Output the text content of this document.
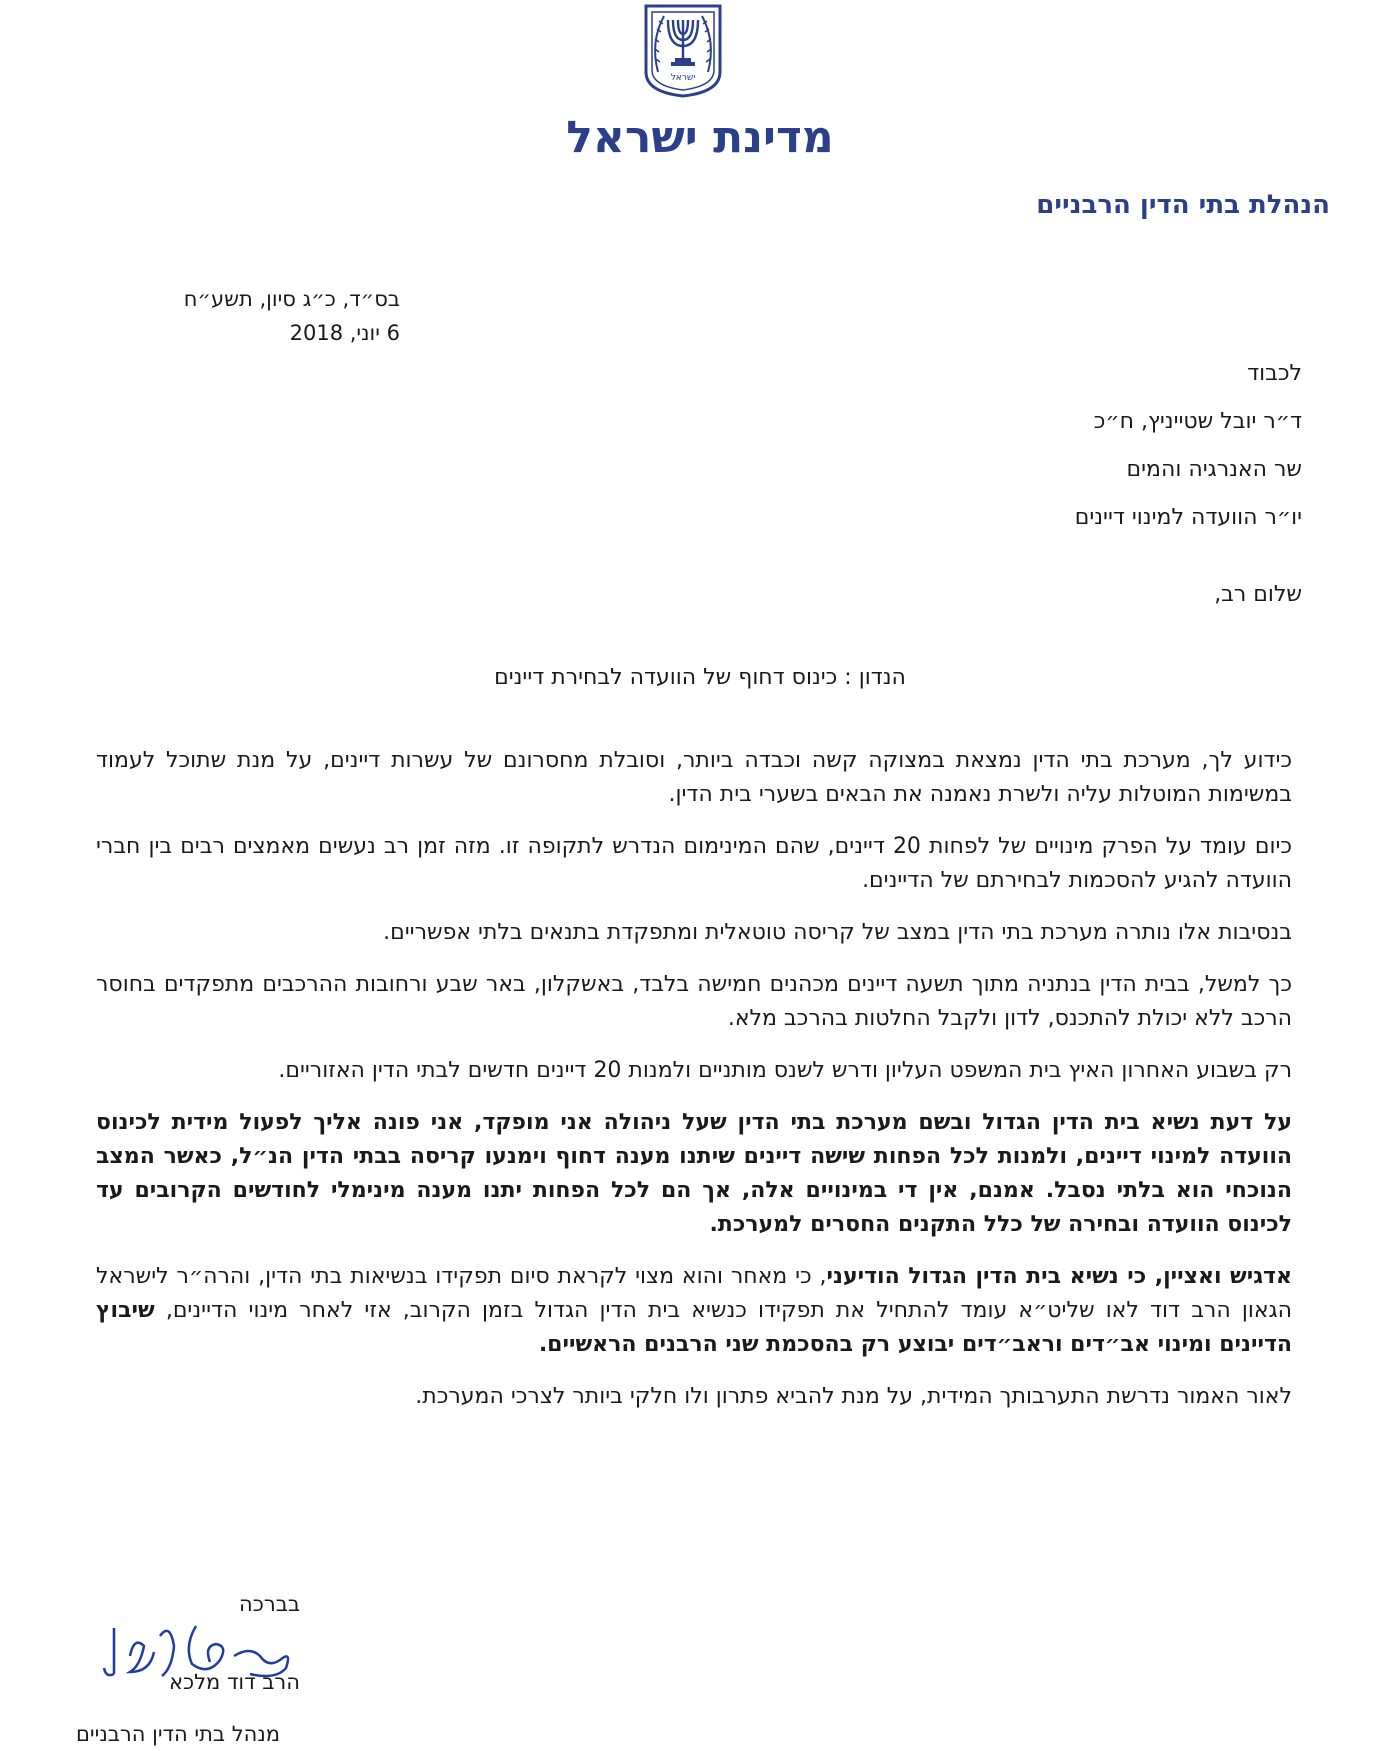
ישראל
מדינת ישראל
הנהלת בתי הדין הרבניים
בס״ד, כ״ג סיון, תשע״ח
6 יוני, 2018
לכבוד
ד״ר יובל שטייניץ, ח״כ
שר האנרגיה והמים
יו״ר הוועדה למינוי דיינים
שלום רב,
הנדון : כינוס דחוף של הוועדה לבחירת דיינים

כידוע לך, מערכת בתי הדין נמצאת במצוקה קשה וכבדה ביותר, וסובלת מחסרונם של עשרות דיינים, על מנת שתוכל לעמוד במשימות המוטלות עליה ולשרת נאמנה את הבאים בשערי בית הדין.

כיום עומד על הפרק מינויים של לפחות 20 דיינים, שהם המינימום הנדרש לתקופה זו. מזה זמן רב נעשים מאמצים רבים בין חברי הוועדה להגיע להסכמות לבחירתם של הדיינים.

בנסיבות אלו נותרה מערכת בתי הדין במצב של קריסה טוטאלית ומתפקדת בתנאים בלתי אפשריים.

כך למשל, בבית הדין בנתניה מתוך תשעה דיינים מכהנים חמישה בלבד, באשקלון, באר שבע ורחובות ההרכבים מתפקדים בחוסר הרכב ללא יכולת להתכנס, לדון ולקבל החלטות בהרכב מלא.

רק בשבוע האחרון האיץ בית המשפט העליון ודרש לשנס מותניים ולמנות 20 דיינים חדשים לבתי הדין האזוריים.

על דעת נשיא בית הדין הגדול ובשם מערכת בתי הדין שעל ניהולה אני מופקד, אני פונה אליך לפעול מידית לכינוס הוועדה למינוי דיינים, ולמנות לכל הפחות שישה דיינים שיתנו מענה דחוף וימנעו קריסה בבתי הדין הנ״ל, כאשר המצב הנוכחי הוא בלתי נסבל. אמנם, אין די במינויים אלה, אך הם לכל הפחות יתנו מענה מינימלי לחודשים הקרובים עד לכינוס הוועדה ובחירה של כלל התקנים החסרים למערכת.

אדגיש ואציין, כי נשיא בית הדין הגדול הודיעני, כי מאחר והוא מצוי לקראת סיום תפקידו בנשיאות בתי הדין, והרה״ר לישראל הגאון הרב דוד לאו שליט״א עומד להתחיל את תפקידו כנשיא בית הדין הגדול בזמן הקרוב, אזי לאחר מינוי הדיינים, שיבוץ הדיינים ומינוי אב״דים וראב״דים יבוצע רק בהסכמת שני הרבנים הראשיים.

לאור האמור נדרשת התערבותך המידית, על מנת להביא פתרון ולו חלקי ביותר לצרכי המערכת.

בברכה
הרב דוד מלכא
מנהל בתי הדין הרבניים
